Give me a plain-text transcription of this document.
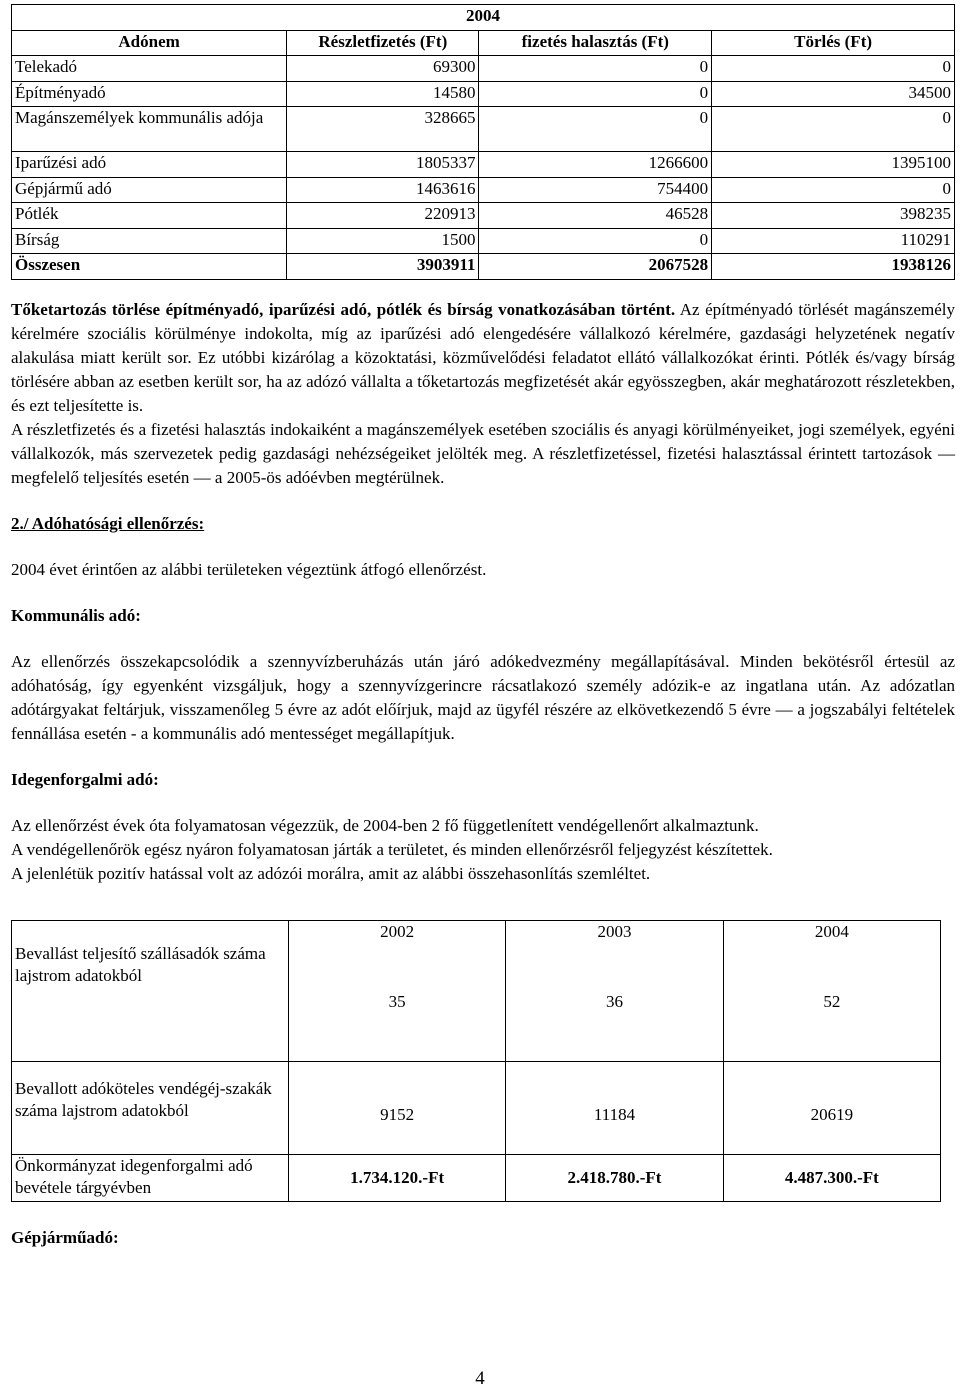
2004			
Adónem	Részletfizetés (Ft)	fizetés halasztás (Ft)	Törlés (Ft)
Telekadó	69300	0	0
Építményadó	14580	0	34500
Magánszemélyek kommunális adója	328665	0	0
Iparűzési adó	1805337	1266600	1395100
Gépjármű adó	1463616	754400	0
Pótlék	220913	46528	398235
Bírság	1500	0	110291
Összesen	3903911	2067528	1938126

Tőketartozás törlése építményadó, iparűzési adó, pótlék és bírság vonatkozásában történt. Az építményadó törlését magánszemély kérelmére szociális körülménye indokolta, míg az iparűzési adó elengedésére vállalkozó kérelmére, gazdasági helyzetének negatív alakulása miatt került sor. Ez utóbbi kizárólag a közoktatási, közművelődési feladatot ellátó vállalkozókat érinti. Pótlék és/vagy bírság törlésére abban az esetben került sor, ha az adózó vállalta a tőketartozás megfizetését akár egyösszegben, akár meghatározott részletekben, és ezt teljesítette is.

A részletfizetés és a fizetési halasztás indokaiként a magánszemélyek esetében szociális és anyagi körülményeiket, jogi személyek, egyéni vállalkozók, más szervezetek pedig gazdasági nehézségeiket jelölték meg. A részletfizetéssel, fizetési halasztással érintett tartozások — megfelelő teljesítés esetén — a 2005-ös adóévben megtérülnek.

2./ Adóhatósági ellenőrzés:

2004 évet érintően az alábbi területeken végeztünk átfogó ellenőrzést.

Kommunális adó:

Az ellenőrzés összekapcsolódik a szennyvízberuházás után járó adókedvezmény megállapításával. Minden bekötésről értesül az adóhatóság, így egyenként vizsgáljuk, hogy a szennyvízgerincre rácsatlakozó személy adózik-e az ingatlana után. Az adózatlan adótárgyakat feltárjuk, visszamenőleg 5 évre az adót előírjuk, majd az ügyfél részére az elkövetkezendő 5 évre — a jogszabályi feltételek fennállása esetén - a kommunális adó mentességet megállapítjuk.

Idegenforgalmi adó:

Az ellenőrzést évek óta folyamatosan végezzük, de 2004-ben 2 fő függetlenített vendégellenőrt alkalmaztunk.

A vendégellenőrök egész nyáron folyamatosan járták a területet, és minden ellenőrzésről feljegyzést készítettek.

A jelenlétük pozitív hatással volt az adózói morálra, amit az alábbi összehasonlítás szemléltet.

Bevallást teljesítő szállásadók száma lajstrom adatokból	2002	2003	2004
	35	36	52
Bevallott adóköteles vendégéj-szakák száma lajstrom adatokból	9152	11184	20619
Önkormányzat idegenforgalmi adó bevétele tárgyévben	1.734.120.-Ft	2.418.780.-Ft	4.487.300.-Ft

Gépjárműadó:

4
